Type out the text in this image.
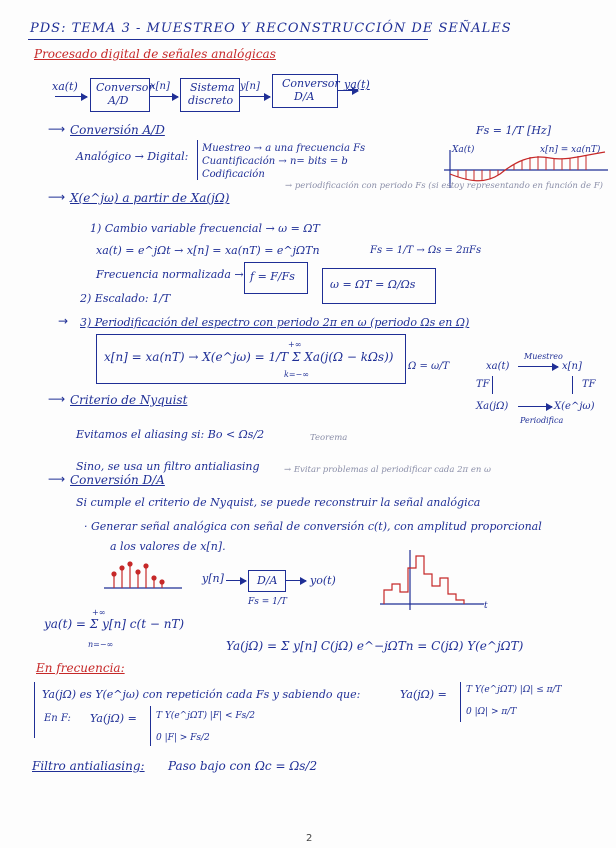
PDS: TEMA 3 - MUESTREO Y RECONSTRUCCIÓN DE SEÑALES
Procesado digital de señales analógicas
xa(t) Conversor
A/D
x[n] Sistema
discreto
y[n] Conversor
D/A
ya(t)
⟶ Conversión A/D	Fs = 1/T [Hz]
Analógico → Digital:
Muestreo → a una frecuencia Fs
Cuantificación → n= bits = b
Codificación
Xa(t)	x[n] = xa(nT)
→ periodificación con periodo Fs (si estoy representando en función de F)
⟶ X(e^jω) a partir de Xa(jΩ)
1) Cambio variable frecuencial → ω = ΩT
xa(t) = e^jΩt → x[n] = xa(nT) = e^jΩTn	Fs = 1/T → Ωs = 2πFs
Frecuencia normalizada → f = F/Fs
ω = ΩT = Ω/Ωs
2) Escalado: 1/T
→ 3) Periodificación del espectro con periodo 2π en ω (periodo Ωs en Ω)
x[n] = xa(nT) → X(e^jω) = 1/T Σ Xa(j(Ω − kΩs))
+∞
k=−∞
Ω = ω/T	xa(t)
Muestreo
x[n]
TF	TF
Xa(jΩ)	X(e^jω)
Periodifica
⟶ Criterio de Nyquist
Evitamos el aliasing si: Bo < Ωs/2	Teorema
Sino, se usa un filtro antialiasing	→ Evitar problemas al periodificar cada 2π en ω
⟶ Conversión D/A
Si cumple el criterio de Nyquist, se puede reconstruir la señal analógica
· Generar señal analógica con señal de conversión c(t), con amplitud proporcional
a los valores de x[n].
y[n]	D/A	yo(t)
Fs = 1/T	t
ya(t) = Σ y[n] c(t − nT)
+∞
n=−∞	Ya(jΩ) = Σ y[n] C(jΩ) e^−jΩTn = C(jΩ) Y(e^jΩT)
En frecuencia:
Ya(jΩ) es Y(e^jω) con repetición cada Fs y sabiendo que:	Ya(jΩ) = T Y(e^jΩT) |Ω| ≤ π/T
0 |Ω| > π/T
En F: Ya(jΩ) = T Y(e^jΩT) |F| < Fs/2
0 |F| > Fs/2
Filtro antialiasing: Paso bajo con Ωc = Ωs/2
2
